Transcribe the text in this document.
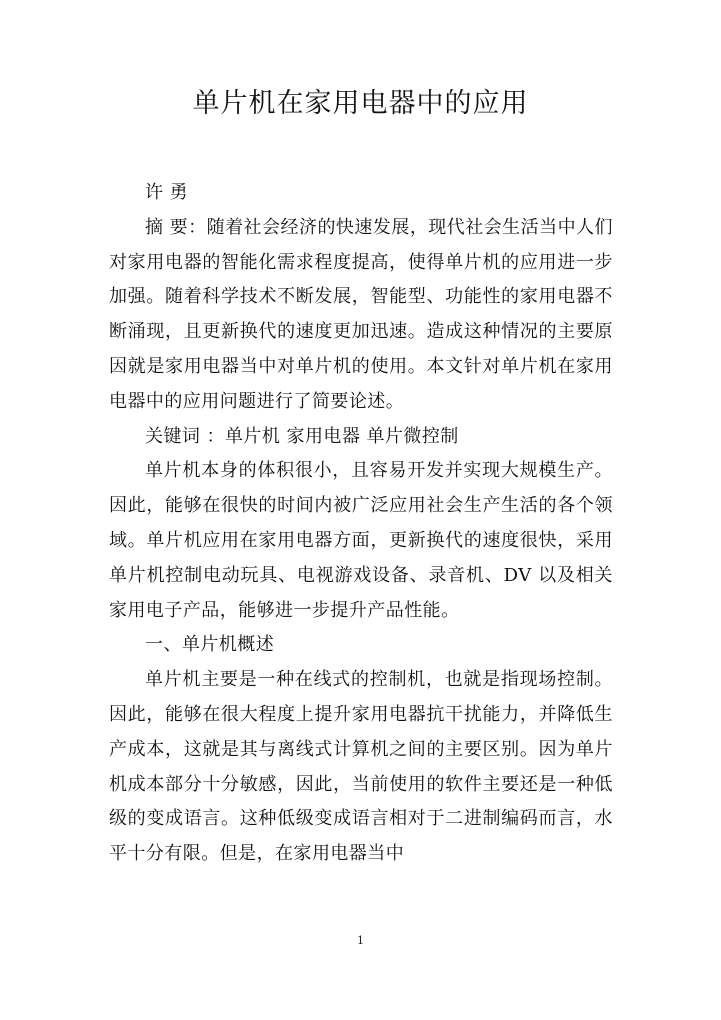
单片机在家用电器中的应用

许 勇

摘 要：随着社会经济的快速发展，现代社会生活当中人们对家用电器的智能化需求程度提高，使得单片机的应用进一步加强。随着科学技术不断发展，智能型、功能性的家用电器不断涌现，且更新换代的速度更加迅速。造成这种情况的主要原因就是家用电器当中对单片机的使用。本文针对单片机在家用电器中的应用问题进行了简要论述。

关键词 ：单片机 家用电器 单片微控制

单片机本身的体积很小，且容易开发并实现大规模生产。因此，能够在很快的时间内被广泛应用社会生产生活的各个领域。单片机应用在家用电器方面，更新换代的速度很快，采用单片机控制电动玩具、电视游戏设备、录音机、DV 以及相关家用电子产品，能够进一步提升产品性能。

一、单片机概述

单片机主要是一种在线式的控制机，也就是指现场控制。因此，能够在很大程度上提升家用电器抗干扰能力，并降低生产成本，这就是其与离线式计算机之间的主要区别。因为单片机成本部分十分敏感，因此，当前使用的软件主要还是一种低级的变成语言。这种低级变成语言相对于二进制编码而言，水平十分有限。但是，在家用电器当中

1
